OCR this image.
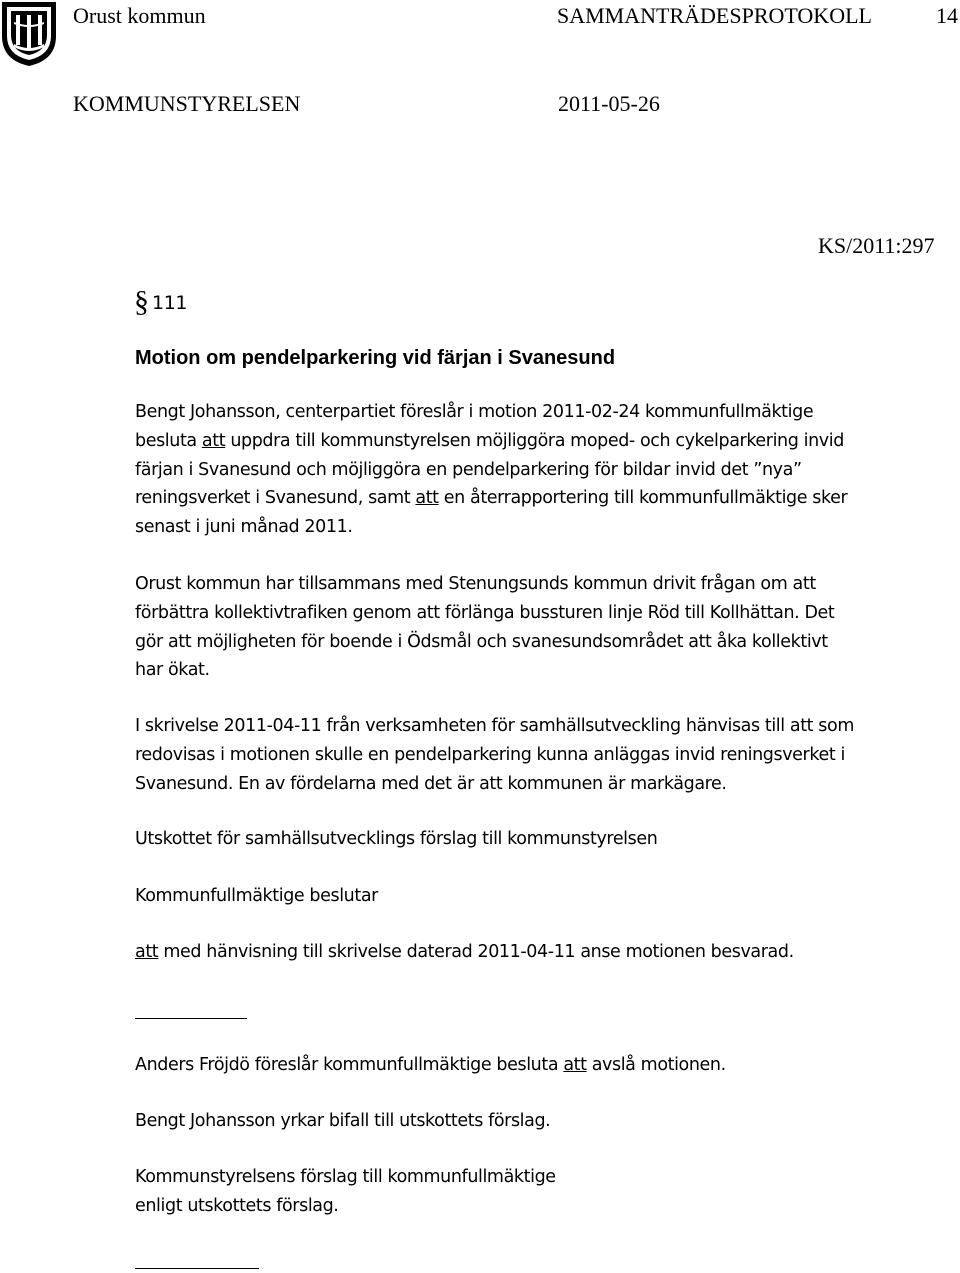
Orust kommun	SAMMANTRÄDESPROTOKOLL	14
KOMMUNSTYRELSEN	2011-05-26
KS/2011:297
§ 111
Motion om pendelparkering vid färjan i Svanesund
Bengt Johansson, centerpartiet föreslår i motion 2011-02-24 kommunfullmäktige
besluta att uppdra till kommunstyrelsen möjliggöra moped- och cykelparkering invid
färjan i Svanesund och möjliggöra en pendelparkering för bildar invid det ”nya”
reningsverket i Svanesund, samt att en återrapportering till kommunfullmäktige sker
senast i juni månad 2011.
Orust kommun har tillsammans med Stenungsunds kommun drivit frågan om att
förbättra kollektivtrafiken genom att förlänga bussturen linje Röd till Kollhättan. Det
gör att möjligheten för boende i Ödsmål och svanesundsområdet att åka kollektivt
har ökat.
I skrivelse 2011-04-11 från verksamheten för samhällsutveckling hänvisas till att som
redovisas i motionen skulle en pendelparkering kunna anläggas invid reningsverket i
Svanesund. En av fördelarna med det är att kommunen är markägare.
Utskottet för samhällsutvecklings förslag till kommunstyrelsen
Kommunfullmäktige beslutar
att med hänvisning till skrivelse daterad 2011-04-11 anse motionen besvarad.
Anders Fröjdö föreslår kommunfullmäktige besluta att avslå motionen.
Bengt Johansson yrkar bifall till utskottets förslag.
Kommunstyrelsens förslag till kommunfullmäktige
enligt utskottets förslag.
